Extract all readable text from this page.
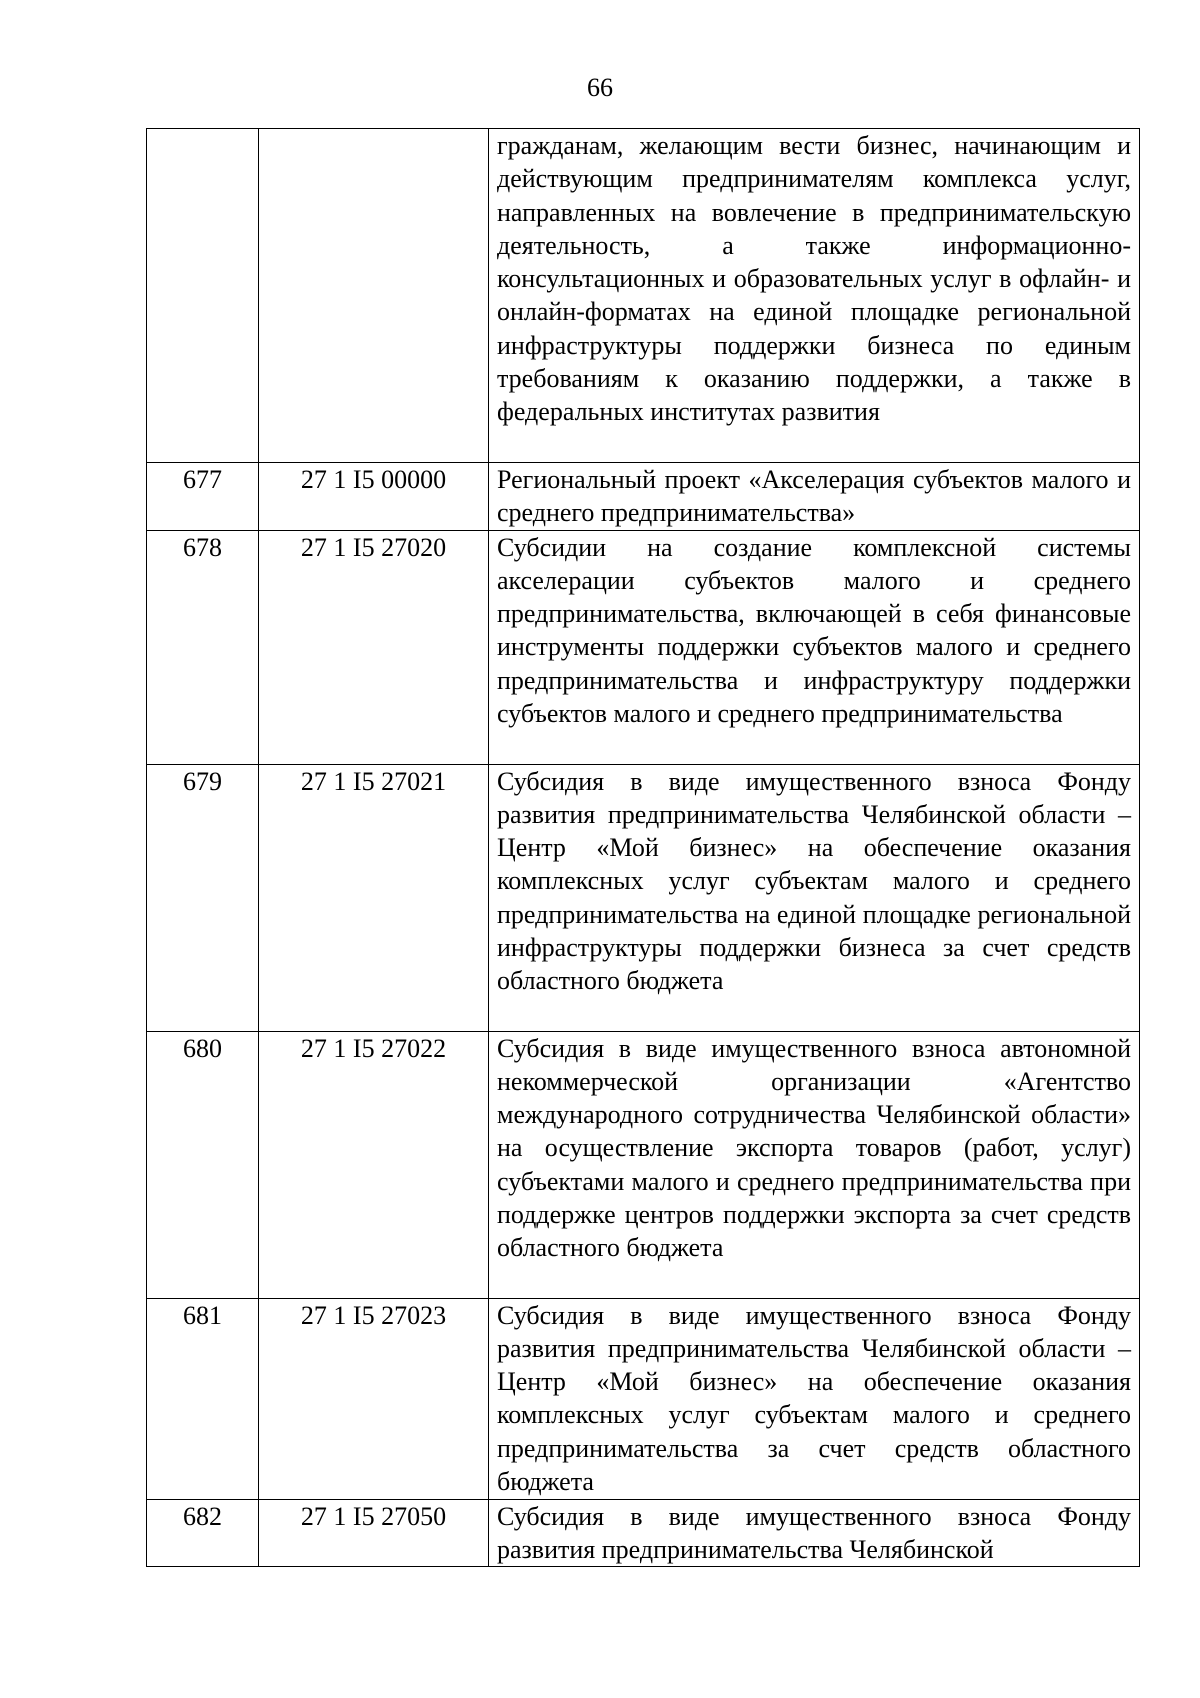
66
		гражданам, желающим вести бизнес, начинающим и действующим предпринимателям комплекса услуг, направленных на вовлечение в предпринимательскую деятельность, а также информационно-консультационных и образовательных услуг в офлайн- и онлайн-форматах на единой площадке региональной инфраструктуры поддержки бизнеса по единым требованиям к оказанию поддержки, а также в федеральных институтах развития
677	27 1 I5 00000	Региональный проект «Акселерация субъектов малого и среднего предпринимательства»
678	27 1 I5 27020	Субсидии на создание комплексной системы акселерации субъектов малого и среднего предпринимательства, включающей в себя финансовые инструменты поддержки субъектов малого и среднего предпринимательства и инфраструктуру поддержки субъектов малого и среднего предпринимательства
679	27 1 I5 27021	Субсидия в виде имущественного взноса Фонду развития предпринимательства Челябинской области – Центр «Мой бизнес» на обеспечение оказания комплексных услуг субъектам малого и среднего предпринимательства на единой площадке региональной инфраструктуры поддержки бизнеса за счет средств областного бюджета
680	27 1 I5 27022	Субсидия в виде имущественного взноса автономной некоммерческой организации «Агентство международного сотрудничества Челябинской области» на осуществление экспорта товаров (работ, услуг) субъектами малого и среднего предпринимательства при поддержке центров поддержки экспорта за счет средств областного бюджета
681	27 1 I5 27023	Субсидия в виде имущественного взноса Фонду развития предпринимательства Челябинской области – Центр «Мой бизнес» на обеспечение оказания комплексных услуг субъектам малого и среднего предпринимательства за счет средств областного бюджета
682	27 1 I5 27050	Субсидия в виде имущественного взноса Фонду развития предпринимательства Челябинской
